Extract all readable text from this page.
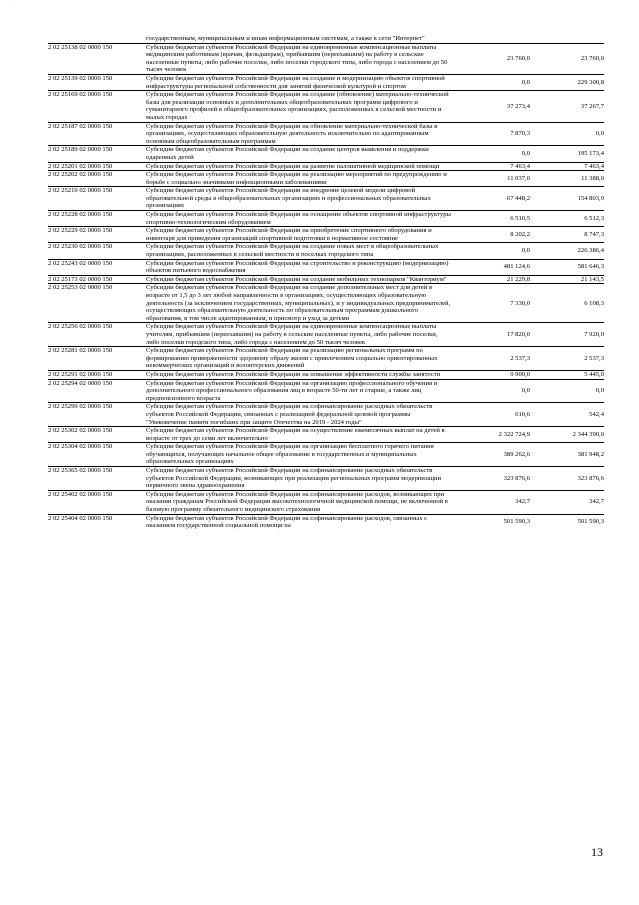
·
	государственным, муниципальным и иным информационным системам, а также к сети "Интернет"		
2 02 25138 02 0000 150	Субсидии бюджетам субъектов Российской Федерации на единовременные компенсационные выплаты медицинским работникам (врачам, фельдшерам), прибывшим (переехавшим) на работу в сельские населенные пункты, либо рабочие поселки, либо поселки городского типа, либо города с населением до 50 тысяч человек	23 760,0	23 760,0
2 02 25139 02 0000 150	Субсидии бюджетам субъектов Российской Федерации на создание и модернизацию объектов спортивной инфраструктуры региональной собственности для занятий физической культурой и спортом	0,0	229 300,8
2 02 25169 02 0000 150	Субсидии бюджетам субъектов Российской Федерации на создание (обновление) материально-технической базы для реализации основных и дополнительных общеобразовательных программ цифрового и гуманитарного профилей в общеобразовательных организациях, расположенных в сельской местности и малых городах	37 273,4	37 267,7
2 02 25187 02 0000 150	Субсидии бюджетам субъектов Российской Федерации на обновление материально-технической базы в организациях, осуществляющих образовательную деятельность исключительно по адаптированным основным общеобразовательным программам	7 870,3	0,0
2 02 25189 02 0000 150	Субсидии бюджетам субъектов Российской Федерации на создание центров выявления и поддержки одаренных детей	0,0	195 173,4
2 02 25201 02 0000 150	Субсидии бюджетам субъектов Российской Федерации на развитие паллиативной медицинской помощи	7 463,4	7 463,4
2 02 25202 02 0000 150	Субсидии бюджетам субъектов Российской Федерации на реализацию мероприятий по предупреждению и борьбе с социально значимыми инфекционными заболеваниями	11 037,0	11 388,0
2 02 25210 02 0000 150	Субсидии бюджетам субъектов Российской Федерации на внедрение целевой модели цифровой образовательной среды в общеобразовательных организациях и профессиональных образовательных организациях	67 448,2	154 803,9
2 02 25228 02 0000 150	Субсидии бюджетам субъектов Российской Федерации на оснащение объектов спортивной инфраструктуры спортивно-технологическим оборудованием	6 510,5	6 512,3
2 02 25229 02 0000 150	Субсидии бюджетам субъектов Российской Федерации на приобретение спортивного оборудования и инвентаря для приведения организаций спортивной подготовки в нормативное состояние	8 202,2	8 747,3
2 02 25230 02 0000 150	Субсидии бюджетам субъектов Российской Федерации на создание новых мест в общеобразовательных организациях, расположенных в сельской местности и поселках городского типа	0,0	226 386,4
2 02 25243 02 0000 150	Субсидии бюджетам субъектов Российской Федерации на строительство и реконструкцию (модернизацию) объектов питьевого водоснабжения	481 124,6	581 646,3
2 02 25173 02 0000 150	Субсидии бюджетам субъектов Российской Федерации на создание мобильных технопарков "Кванториум"	21 229,8	21 143,5
2 02 25253 02 0000 150	Субсидии бюджетам субъектов Российской Федерации на создание дополнительных мест для детей в возрасте от 1,5 до 3 лет любой направленности в организациях, осуществляющих образовательную деятельность (за исключением государственных, муниципальных), и у индивидуальных предпринимателей, осуществляющих образовательную деятельность по образовательным программам дошкольного образования, в том числе адаптированным, и присмотр и уход за детьми	7 330,0	6 108,3
2 02 25256 02 0000 150	Субсидии бюджетам субъектов Российской Федерации на единовременные компенсационные выплаты учителям, прибывшим (переехавшим) на работу в сельские населенные пункты, либо рабочие поселки, либо поселки городского типа, либо города с населением до 50 тысяч человек	17 820,0	7 920,0
2 02 25281 02 0000 150	Субсидии бюджетам субъектов Российской Федерации на реализацию региональных программ по формированию приверженности здоровому образу жизни с привлечением социально ориентированных некоммерческих организаций и волонтерских движений	2 537,3	2 537,3
2 02 25291 02 0000 150	Субсидии бюджетам субъектов Российской Федерации на повышение эффективности службы занятости	9 900,0	5 445,0
2 02 25294 02 0000 150	Субсидии бюджетам субъектов Российской Федерации на организацию профессионального обучения и дополнительного профессионального образования лиц в возрасте 50-ти лет и старше, а также лиц предпенсионного возраста	0,0	0,0
2 02 25299 02 0000 150	Субсидии бюджетам субъектов Российской Федерации на софинансирование расходных обязательств субъектов Российской Федерации, связанных с реализацией федеральной целевой программы "Увековечение памяти погибших при защите Отечества на 2019 - 2024 годы"	610,6	542,4
2 02 25302 02 0000 150	Субсидии бюджетам субъектов Российской Федерации на осуществление ежемесячных выплат на детей в возрасте от трех до семи лет включительно	2 322 724,9	2 344 390,0
2 02 25304 02 0000 150	Субсидии бюджетам субъектов Российской Федерации на организацию бесплатного горячего питания обучающихся, получающих начальное общее образование в государственных и муниципальных образовательных организациях	389 262,6	381 948,2
2 02 25365 02 0000 150	Субсидии бюджетам субъектов Российской Федерации на софинансирование расходных обязательств субъектов Российской Федерации, возникающих при реализации региональных программ модернизации первичного звена здравоохранения	323 876,6	323 876,6
2 02 25402 02 0000 150	Субсидии бюджетам субъектов Российской Федерации на софинансирование расходов, возникающих при оказании гражданам Российской Федерации высокотехнологичной медицинской помощи, не включенной в базовую программу обязательного медицинского страхования	342,7	342,7
2 02 25404 02 0000 150	Субсидии бюджетам субъектов Российской Федерации на софинансирование расходов, связанных с оказанием государственной социальной помощи на	501 590,3	501 590,3
13
